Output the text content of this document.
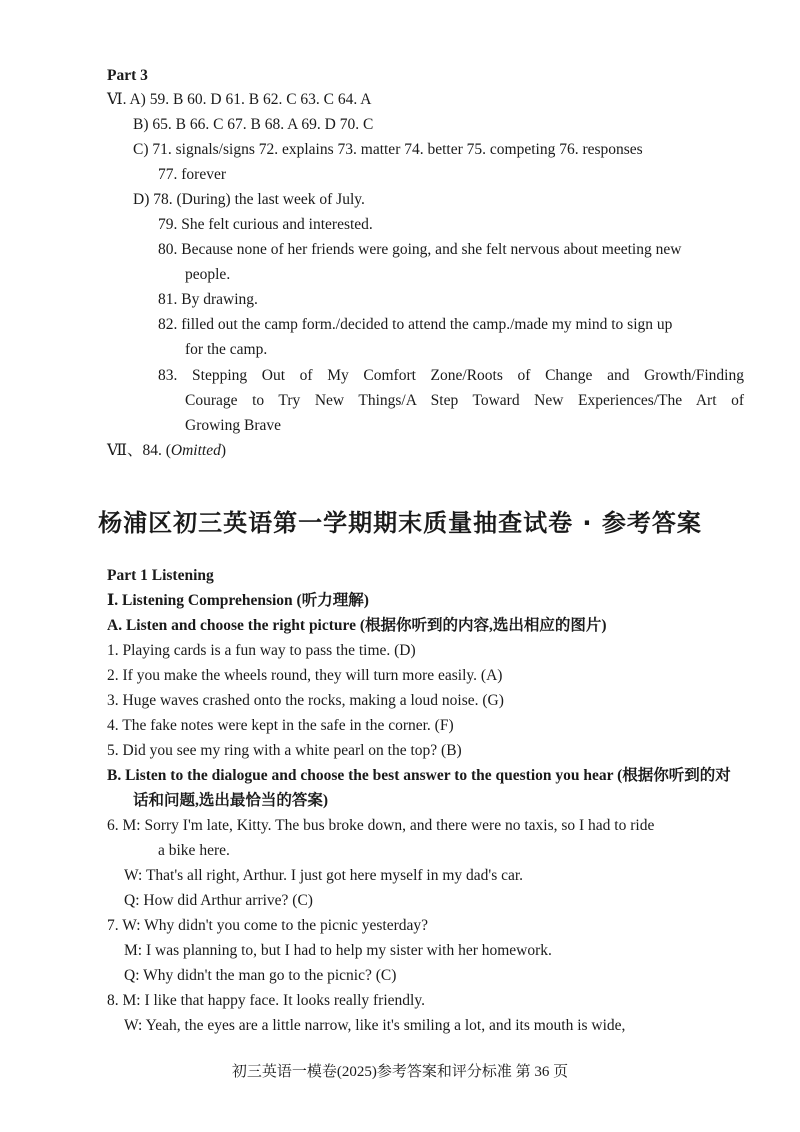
Part 3
Ⅵ. A) 59. B 60. D 61. B 62. C 63. C 64. A
B) 65. B 66. C 67. B 68. A 69. D 70. C
C) 71. signals/signs 72. explains 73. matter 74. better 75. competing 76. responses
77. forever
D) 78. (During) the last week of July.
79. She felt curious and interested.
80. Because none of her friends were going, and she felt nervous about meeting new
people.
81. By drawing.
82. filled out the camp form./decided to attend the camp./made my mind to sign up
for the camp.
83. Stepping Out of My Comfort Zone/Roots of Change and Growth/Finding
Courage to Try New Things/A Step Toward New Experiences/The Art of
Growing Brave
Ⅶ、84. (Omitted)
杨浦区初三英语第一学期期末质量抽查试卷 · 参考答案
Part 1 Listening
Ⅰ. Listening Comprehension (听力理解)
A. Listen and choose the right picture (根据你听到的内容,选出相应的图片)
1. Playing cards is a fun way to pass the time. (D)
2. If you make the wheels round, they will turn more easily. (A)
3. Huge waves crashed onto the rocks, making a loud noise. (G)
4. The fake notes were kept in the safe in the corner. (F)
5. Did you see my ring with a white pearl on the top? (B)
B. Listen to the dialogue and choose the best answer to the question you hear (根据你听到的对
话和问题,选出最恰当的答案)
6. M: Sorry I'm late, Kitty. The bus broke down, and there were no taxis, so I had to ride
a bike here.
W: That's all right, Arthur. I just got here myself in my dad's car.
Q: How did Arthur arrive? (C)
7. W: Why didn't you come to the picnic yesterday?
M: I was planning to, but I had to help my sister with her homework.
Q: Why didn't the man go to the picnic? (C)
8. M: I like that happy face. It looks really friendly.
W: Yeah, the eyes are a little narrow, like it's smiling a lot, and its mouth is wide,
初三英语一模卷(2025)参考答案和评分标准 第 36 页
